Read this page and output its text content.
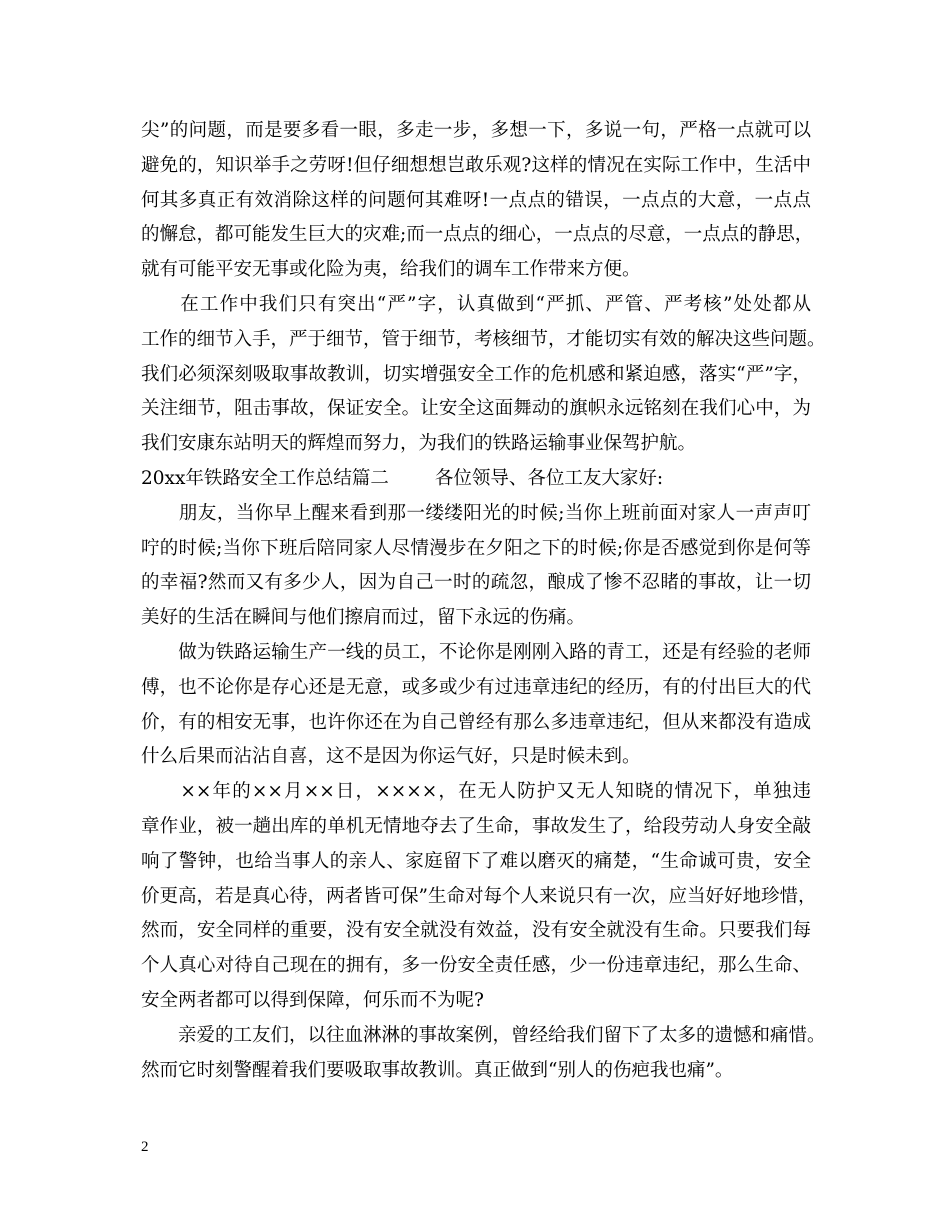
尖”的问题，而是要多看一眼，多走一步，多想一下，多说一句，严格一点就可以
避免的，知识举手之劳呀!但仔细想想岂敢乐观?这样的情况在实际工作中，生活中
何其多真正有效消除这样的问题何其难呀!一点点的错误，一点点的大意，一点点
的懈怠，都可能发生巨大的灾难;而一点点的细心，一点点的尽意，一点点的静思，
就有可能平安无事或化险为夷，给我们的调车工作带来方便。
　　在工作中我们只有突出“严”字，认真做到“严抓、严管、严考核”处处都从
工作的细节入手，严于细节，管于细节，考核细节，才能切实有效的解决这些问题。
我们必须深刻吸取事故教训，切实增强安全工作的危机感和紧迫感，落实“严”字，
关注细节，阻击事故，保证安全。让安全这面舞动的旗帜永远铭刻在我们心中，为
我们安康东站明天的辉煌而努力，为我们的铁路运输事业保驾护航。
20xx年铁路安全工作总结篇二 各位领导、各位工友大家好:
　　朋友，当你早上醒来看到那一缕缕阳光的时候;当你上班前面对家人一声声叮
咛的时候;当你下班后陪同家人尽情漫步在夕阳之下的时候;你是否感觉到你是何等
的幸福?然而又有多少人，因为自己一时的疏忽，酿成了惨不忍睹的事故，让一切
美好的生活在瞬间与他们擦肩而过，留下永远的伤痛。
　　做为铁路运输生产一线的员工，不论你是刚刚入路的青工，还是有经验的老师
傅，也不论你是存心还是无意，或多或少有过违章违纪的经历，有的付出巨大的代
价，有的相安无事，也许你还在为自己曾经有那么多违章违纪，但从来都没有造成
什么后果而沾沾自喜，这不是因为你运气好，只是时候未到。
　　××年的××月××日，××××，在无人防护又无人知晓的情况下，单独违
章作业，被一趟出库的单机无情地夺去了生命，事故发生了，给段劳动人身安全敲
响了警钟，也给当事人的亲人、家庭留下了难以磨灭的痛楚，“生命诚可贵，安全
价更高，若是真心待，两者皆可保”生命对每个人来说只有一次，应当好好地珍惜，
然而，安全同样的重要，没有安全就没有效益，没有安全就没有生命。只要我们每
个人真心对待自己现在的拥有，多一份安全责任感，少一份违章违纪，那么生命、
安全两者都可以得到保障，何乐而不为呢?
　　亲爱的工友们，以往血淋淋的事故案例，曾经给我们留下了太多的遗憾和痛惜。
然而它时刻警醒着我们要吸取事故教训。真正做到“别人的伤疤我也痛”。
2
